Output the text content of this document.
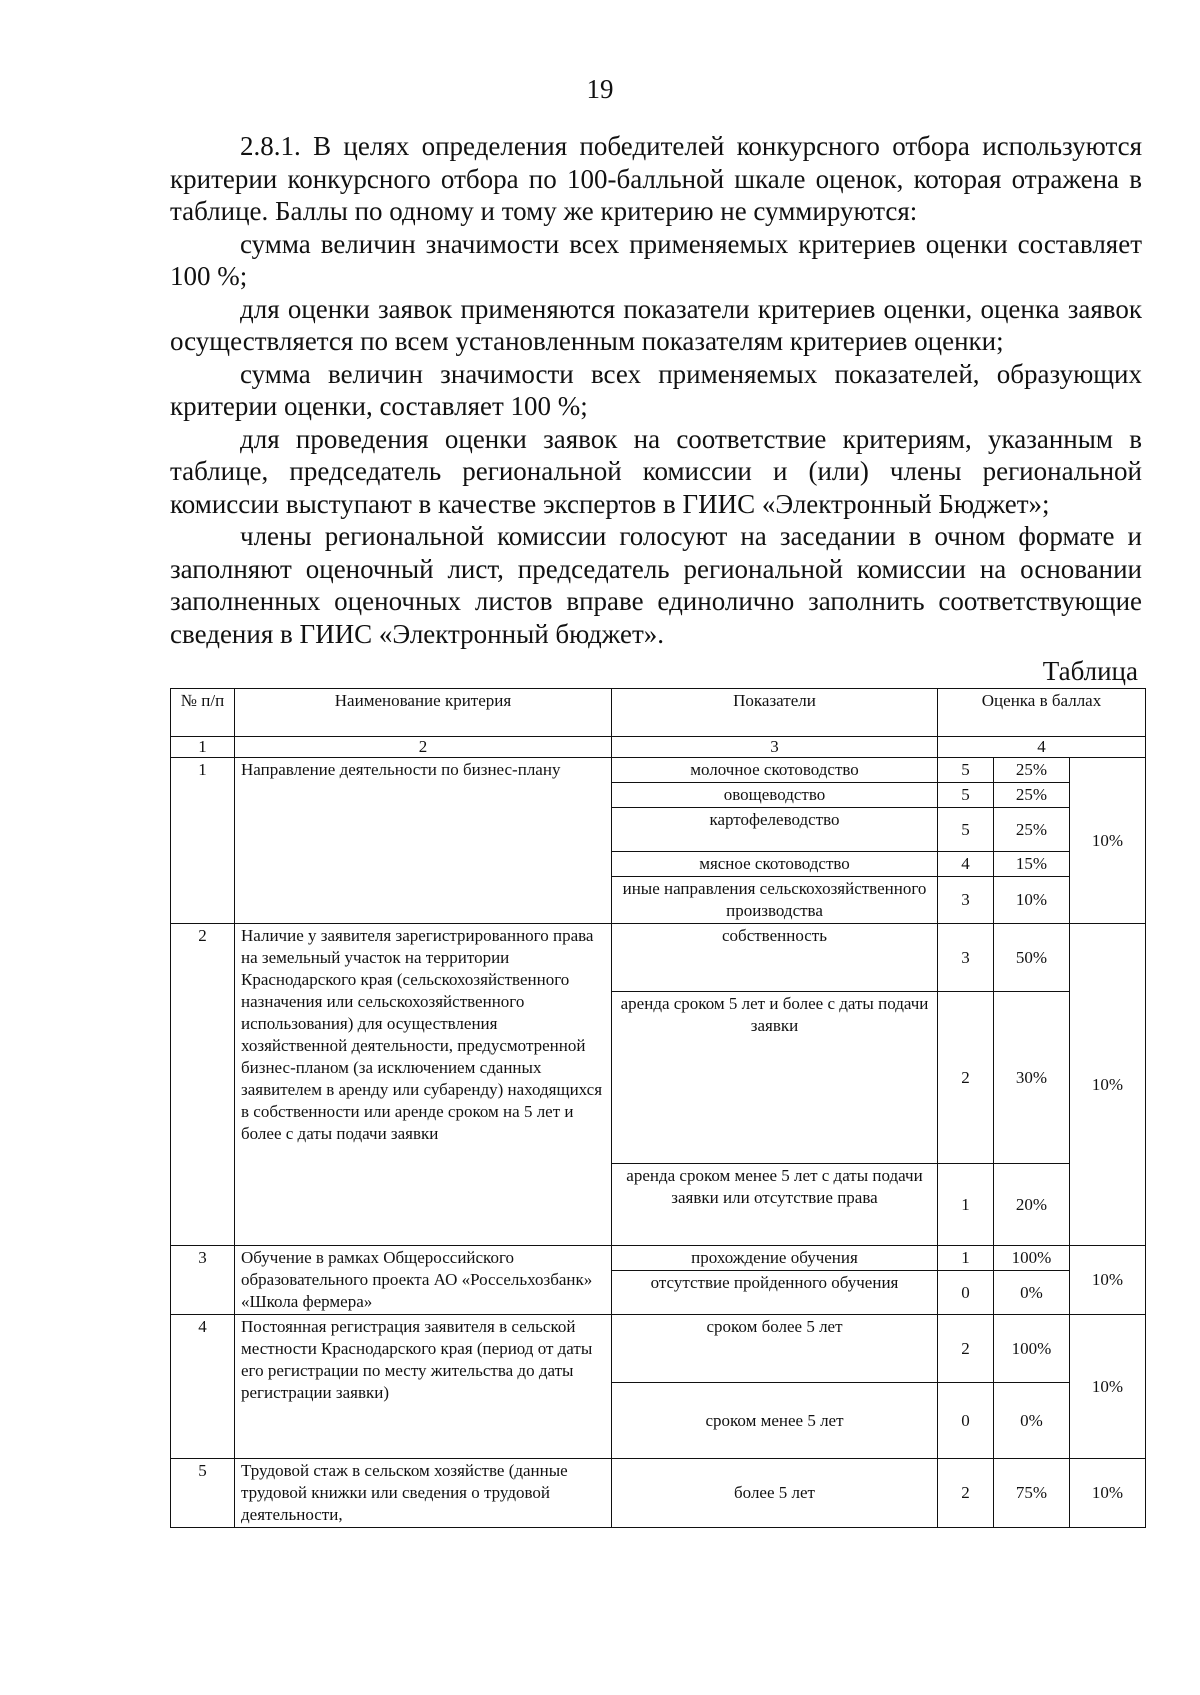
19

2.8.1. В целях определения победителей конкурсного отбора используются критерии конкурсного отбора по 100-балльной шкале оценок, которая отражена в таблице. Баллы по одному и тому же критерию не суммируются:

сумма величин значимости всех применяемых критериев оценки составляет 100 %;

для оценки заявок применяются показатели критериев оценки, оценка заявок осуществляется по всем установленным показателям критериев оценки;

сумма величин значимости всех применяемых показателей, образующих критерии оценки, составляет 100 %;

для проведения оценки заявок на соответствие критериям, указанным в таблице, председатель региональной комиссии и (или) члены региональной комиссии выступают в качестве экспертов в ГИИС «Электронный Бюджет»;

члены региональной комиссии голосуют на заседании в очном формате и заполняют оценочный лист, председатель региональной комиссии на основании заполненных оценочных листов вправе единолично заполнить соответствующие сведения в ГИИС «Электронный бюджет».

Таблица
№ п/п	Наименование критерия	Показатели	Оценка в баллах		
1	2	3	4		
1	Направление деятельности по бизнес-плану	молочное скотоводство	5	25%	10%
		овощеводство	5	25%	
		картофелеводство	5	25%	
		мясное скотоводство	4	15%	
		иные направления сельскохозяйственного производства	3	10%	
2	Наличие у заявителя зарегистрированного права на земельный участок на территории Краснодарского края (сельскохозяйственного назначения или сельскохозяйственного использования) для осуществления хозяйственной деятельности, предусмотренной бизнес-планом (за исключением сданных заявителем в аренду или субаренду) находящихся в собственности или аренде сроком на 5 лет и более с даты подачи заявки	собственность	3	50%	10%
		аренда сроком 5 лет и более с даты подачи заявки	2	30%	
		аренда сроком менее 5 лет с даты подачи заявки или отсутствие права	1	20%	
3	Обучение в рамках Общероссийского образовательного проекта АО «Россельхозбанк» «Школа фермера»	прохождение обучения	1	100%	10%
		отсутствие пройденного обучения	0	0%	
4	Постоянная регистрация заявителя в сельской местности Краснодарского края (период от даты его регистрации по месту жительства до даты регистрации заявки)	сроком более 5 лет	2	100%	10%
		сроком менее 5 лет	0	0%	
5	Трудовой стаж в сельском хозяйстве (данные трудовой книжки или сведения о трудовой деятельности,	более 5 лет	2	75%	10%
